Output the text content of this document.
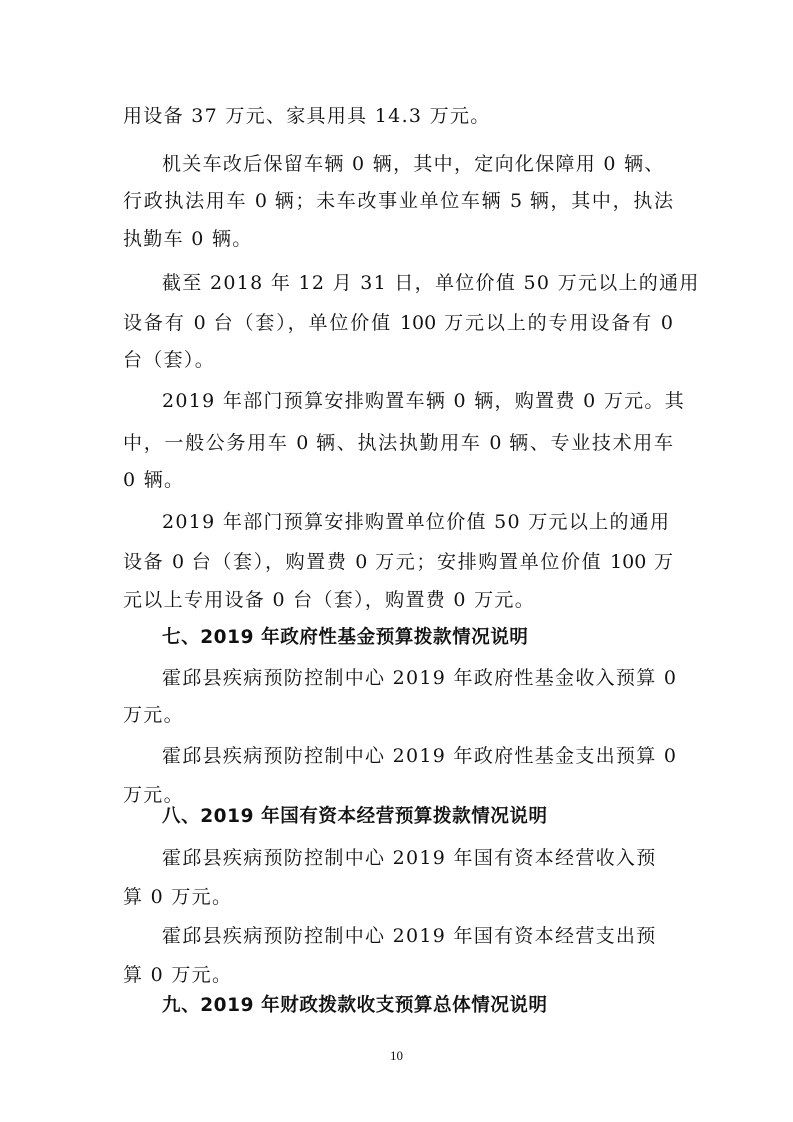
用设备 37 万元、家具用具 14.3 万元。
机关车改后保留车辆 0 辆，其中，定向化保障用 0 辆、
行政执法用车 0 辆；未车改事业单位车辆 5 辆，其中，执法
执勤车 0 辆。
截至 2018 年 12 月 31 日，单位价值 50 万元以上的通用
设备有 0 台（套），单位价值 100 万元以上的专用设备有 0
台（套）。
2019 年部门预算安排购置车辆 0 辆，购置费 0 万元。其
中，一般公务用车 0 辆、执法执勤用车 0 辆、专业技术用车
0 辆。
2019 年部门预算安排购置单位价值 50 万元以上的通用
设备 0 台（套），购置费 0 万元；安排购置单位价值 100 万
元以上专用设备 0 台（套），购置费 0 万元。
七、2019 年政府性基金预算拨款情况说明
霍邱县疾病预防控制中心 2019 年政府性基金收入预算 0
万元。
霍邱县疾病预防控制中心 2019 年政府性基金支出预算 0
万元。
八、2019 年国有资本经营预算拨款情况说明
霍邱县疾病预防控制中心 2019 年国有资本经营收入预
算 0 万元。
霍邱县疾病预防控制中心 2019 年国有资本经营支出预
算 0 万元。
九、2019 年财政拨款收支预算总体情况说明
10
